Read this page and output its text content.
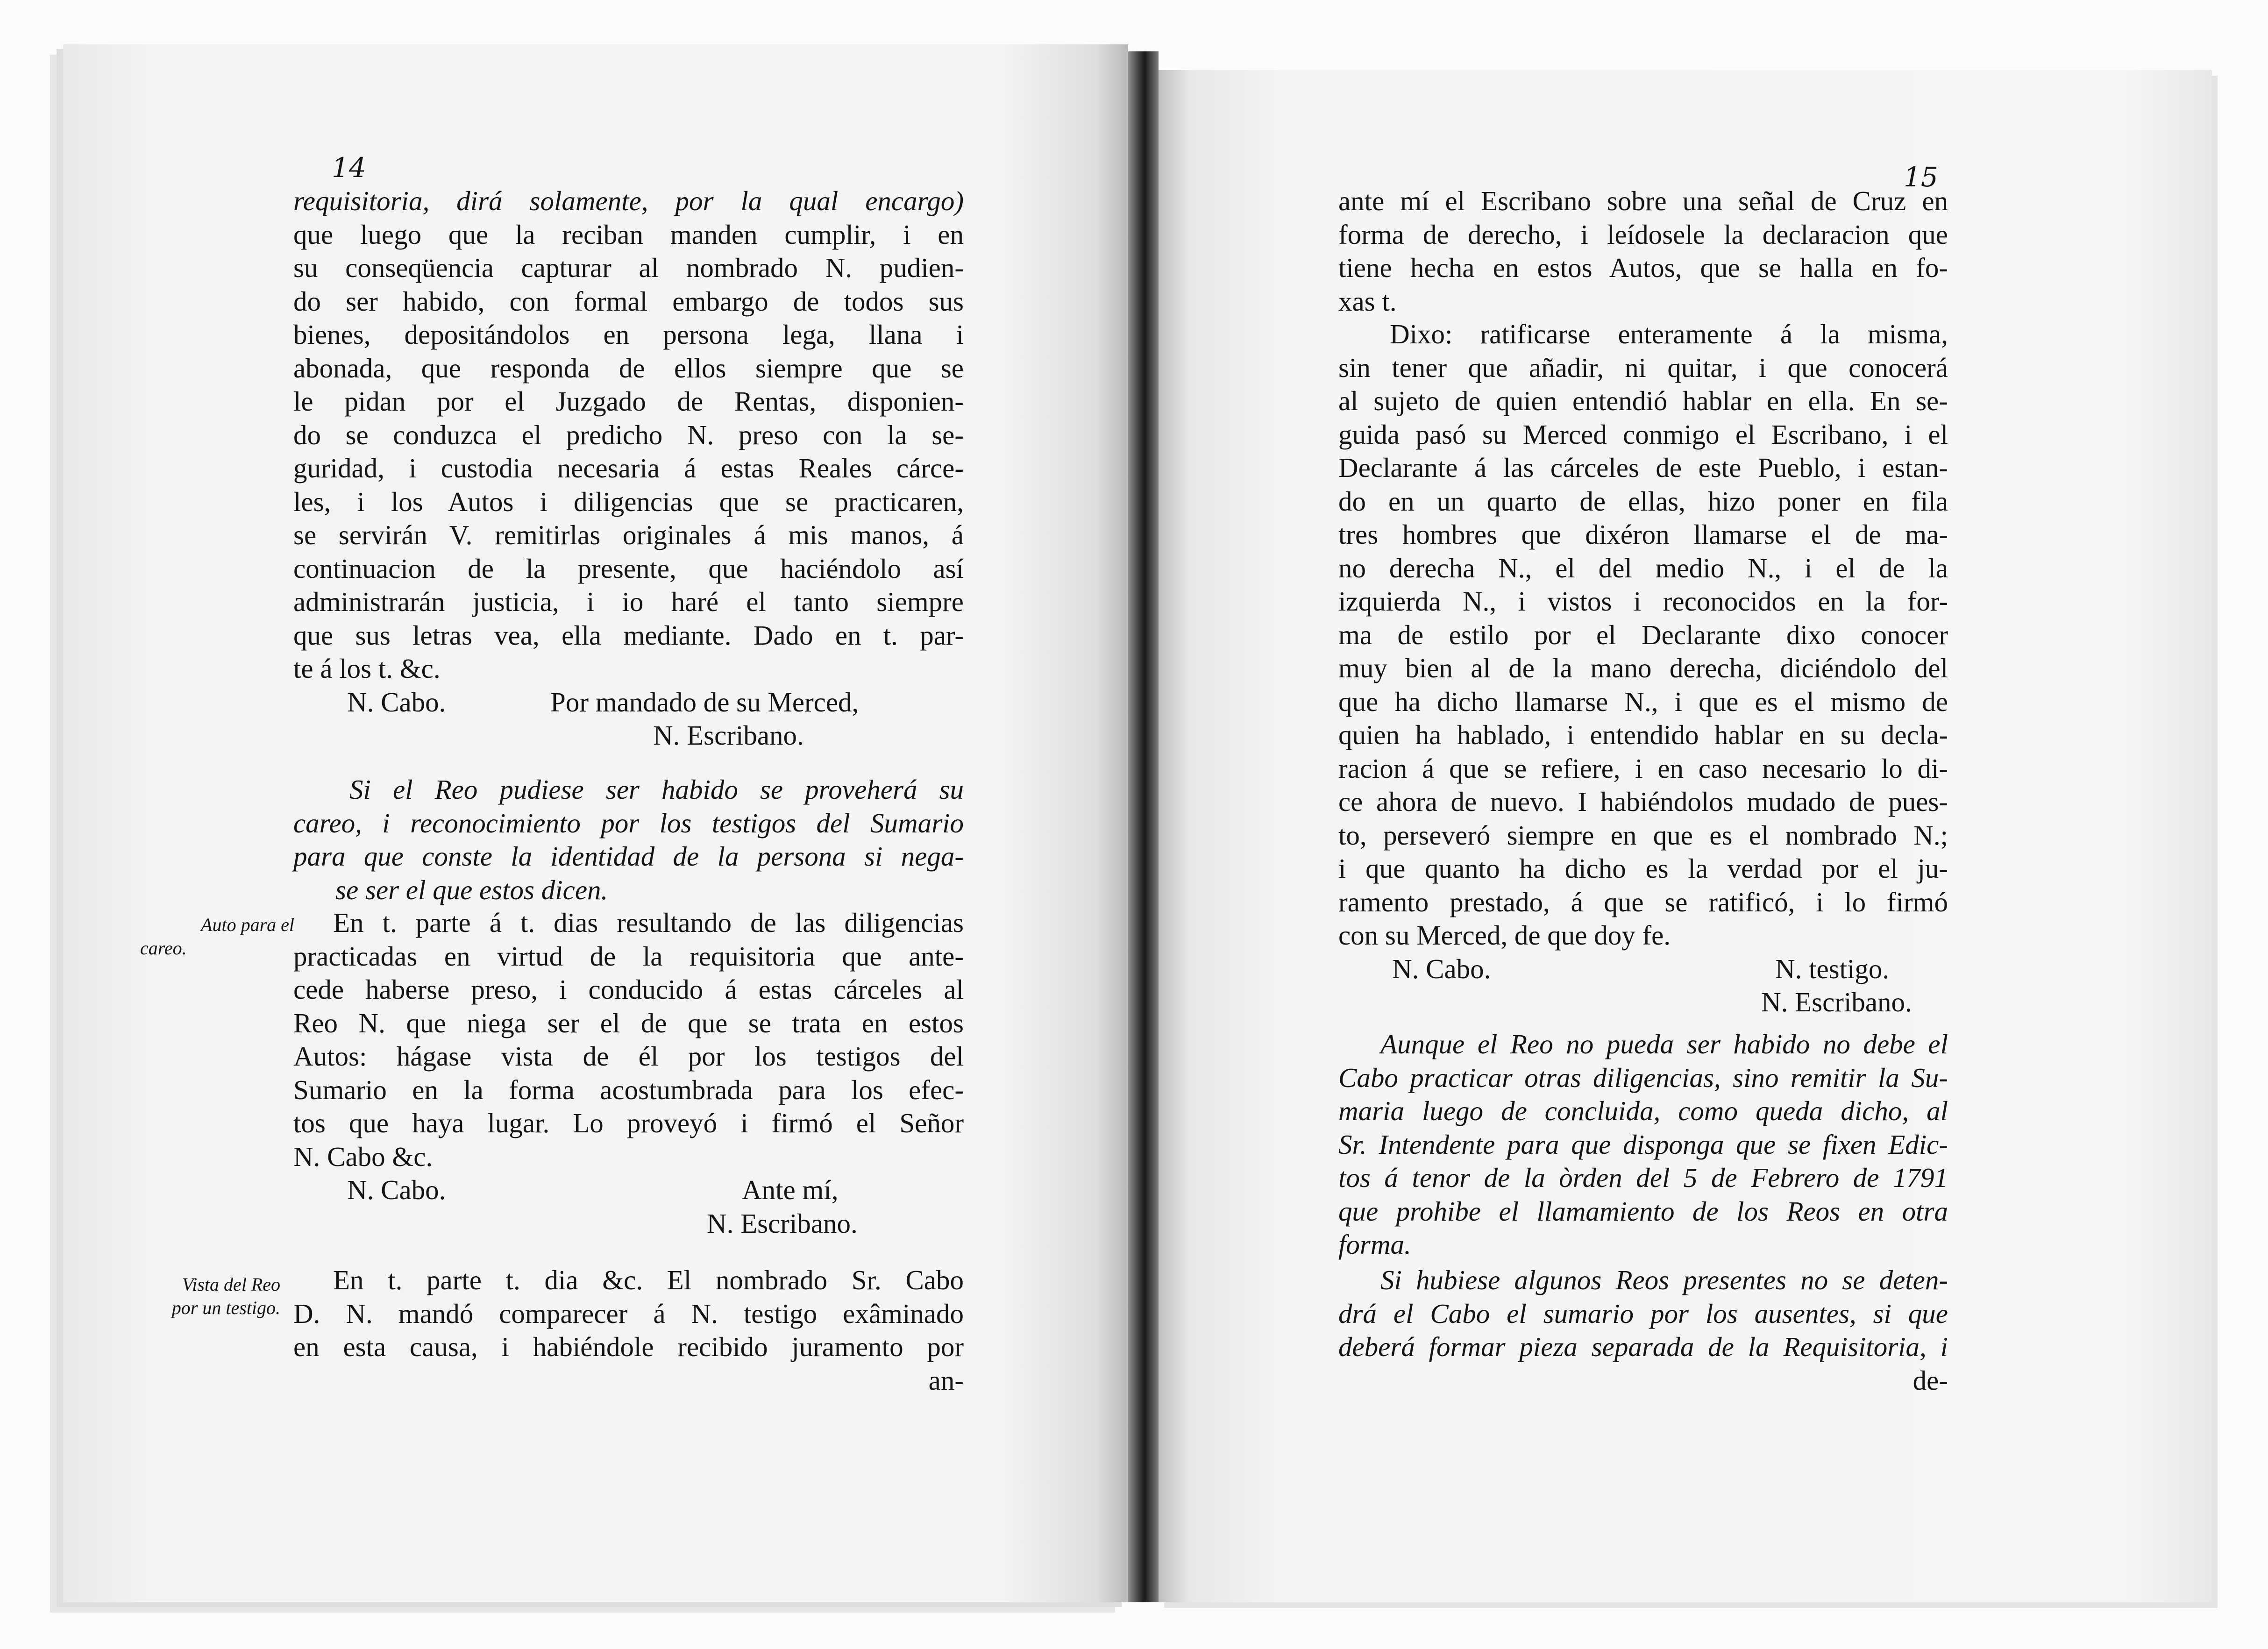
14
requisitoria, dirá solamente, por la qual encargo)
que luego que la reciban manden cumplir, i en
su conseqüencia capturar al nombrado N. pudien-
do ser habido, con formal embargo de todos sus
bienes, depositándolos en persona lega, llana i
abonada, que responda de ellos siempre que se
le pidan por el Juzgado de Rentas, disponien-
do se conduzca el predicho N. preso con la se-
guridad, i custodia necesaria á estas Reales cárce-
les, i los Autos i diligencias que se practicaren,
se servirán V. remitirlas originales á mis manos, á
continuacion de la presente, que haciéndolo así
administrarán justicia, i io haré el tanto siempre
que sus letras vea, ella mediante. Dado en t. par-
te á los t. &c.
N. Cabo.	Por mandado de su Merced,
N. Escribano.
Si el Reo pudiese ser habido se proveherá su
careo, i reconocimiento por los testigos del Sumario
para que conste la identidad de la persona si nega-
se ser el que estos dicen.
Auto para el
careo.
En t. parte á t. dias resultando de las diligencias
practicadas en virtud de la requisitoria que ante-
cede haberse preso, i conducido á estas cárceles al
Reo N. que niega ser el de que se trata en estos
Autos: hágase vista de él por los testigos del
Sumario en la forma acostumbrada para los efec-
tos que haya lugar. Lo proveyó i firmó el Señor
N. Cabo &c.
N. Cabo.	Ante mí,
N. Escribano.
Vista del Reo
por un testigo.
En t. parte t. dia &c. El nombrado Sr. Cabo
D. N. mandó comparecer á N. testigo exâminado
en esta causa, i habiéndole recibido juramento por
an-
15
ante mí el Escribano sobre una señal de Cruz en
forma de derecho, i leídosele la declaracion que
tiene hecha en estos Autos, que se halla en fo-
xas t.
Dixo: ratificarse enteramente á la misma,
sin tener que añadir, ni quitar, i que conocerá
al sujeto de quien entendió hablar en ella. En se-
guida pasó su Merced conmigo el Escribano, i el
Declarante á las cárceles de este Pueblo, i estan-
do en un quarto de ellas, hizo poner en fila
tres hombres que dixéron llamarse el de ma-
no derecha N., el del medio N., i el de la
izquierda N., i vistos i reconocidos en la for-
ma de estilo por el Declarante dixo conocer
muy bien al de la mano derecha, diciéndolo del
que ha dicho llamarse N., i que es el mismo de
quien ha hablado, i entendido hablar en su decla-
racion á que se refiere, i en caso necesario lo di-
ce ahora de nuevo. I habiéndolos mudado de pues-
to, perseveró siempre en que es el nombrado N.;
i que quanto ha dicho es la verdad por el ju-
ramento prestado, á que se ratificó, i lo firmó
con su Merced, de que doy fe.
N. Cabo.	N. testigo.
N. Escribano.
Aunque el Reo no pueda ser habido no debe el
Cabo practicar otras diligencias, sino remitir la Su-
maria luego de concluida, como queda dicho, al
Sr. Intendente para que disponga que se fixen Edic-
tos á tenor de la òrden del 5 de Febrero de 1791
que prohibe el llamamiento de los Reos en otra
forma.
Si hubiese algunos Reos presentes no se deten-
drá el Cabo el sumario por los ausentes, si que
deberá formar pieza separada de la Requisitoria, i
de-
